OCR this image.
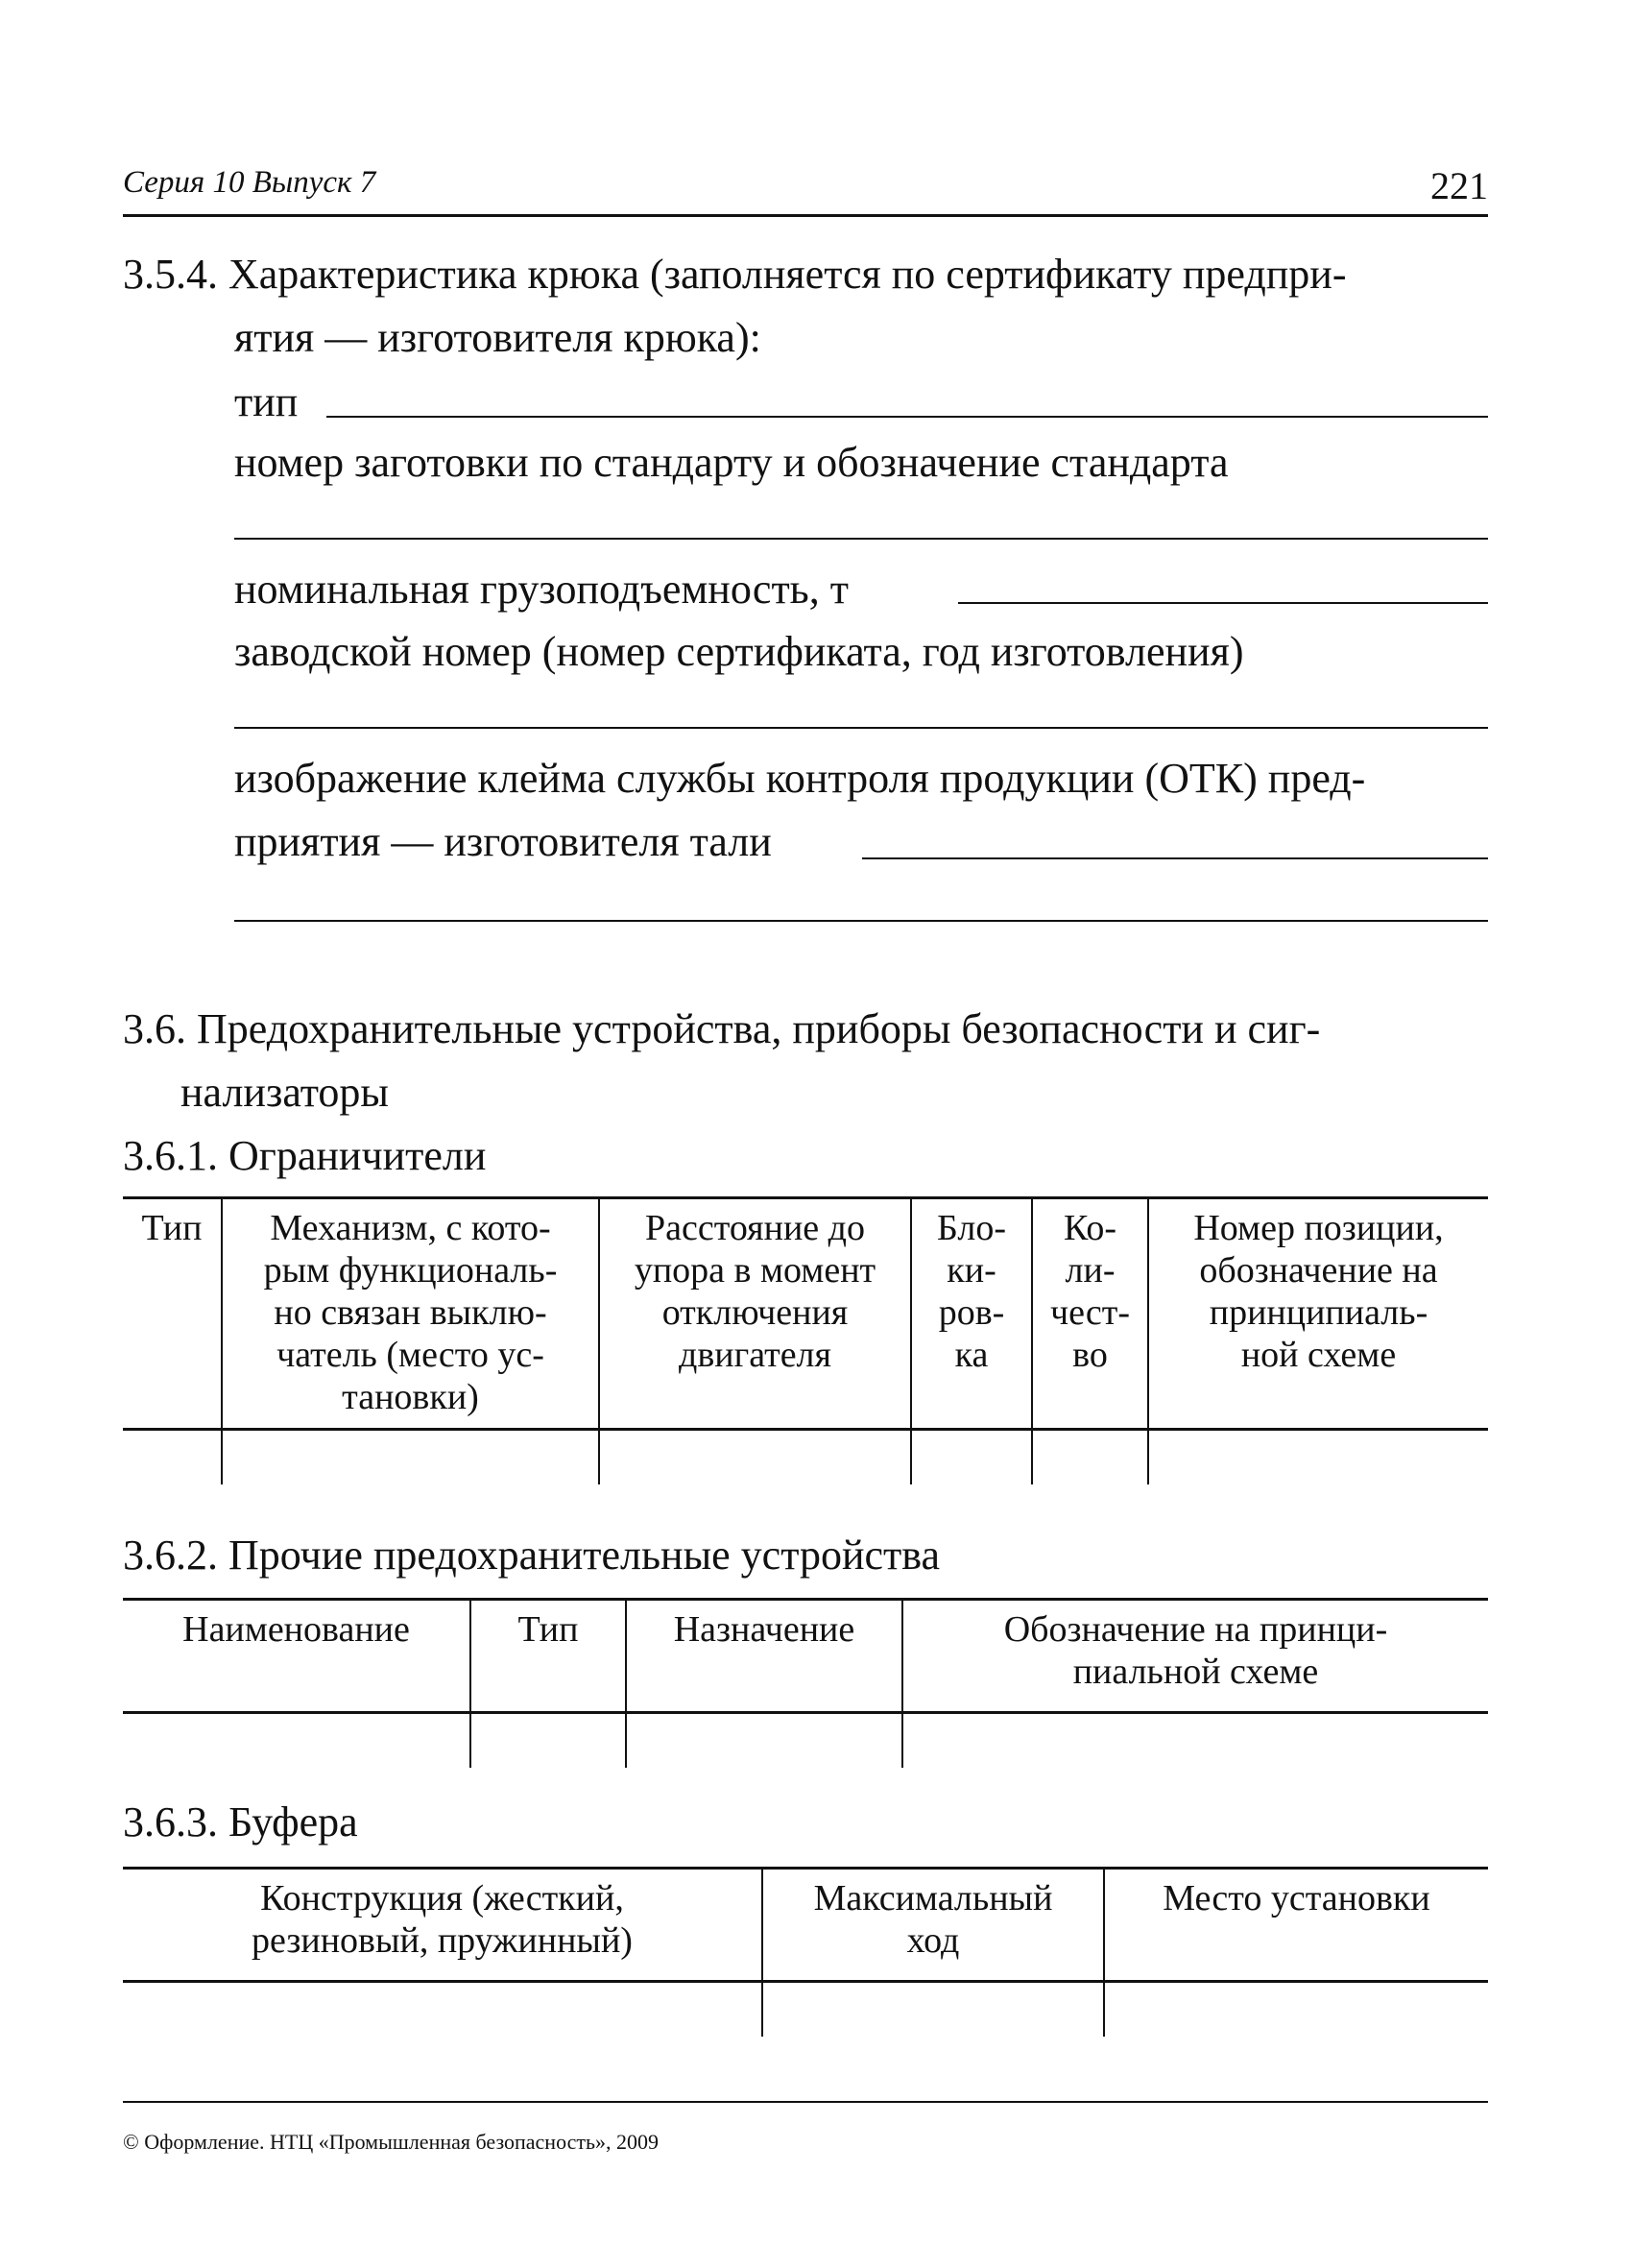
Серия 10 Выпуск 7	221
3.5.4. Характеристика крюка (заполняется по сертификату предпри-
ятия — изготовителя крюка):
тип
номер заготовки по стандарту и обозначение стандарта
номинальная грузоподъемность, т
заводской номер (номер сертификата, год изготовления)
изображение клейма службы контроля продукции (ОТК) пред-
приятия — изготовителя тали
3.6. Предохранительные устройства, приборы безопасности и сиг-
нализаторы
3.6.1. Ограничители
Тип	Механизм, с кото-
рым функциональ-
но связан выклю-
чатель (место ус-
тановки)	Расстояние до
упора в момент
отключения
двигателя	Бло-
ки-
ров-
ка	Ко-
ли-
чест-
во	Номер позиции,
обозначение на
принципиаль-
ной схеме

3.6.2. Прочие предохранительные устройства
Наименование	Тип	Назначение	Обозначение на принци-
пиальной схеме

3.6.3. Буфера
Конструкция (жесткий,
резиновый, пружинный)	Максимальный
ход	Место установки

© Оформление. НТЦ «Промышленная безопасность», 2009
